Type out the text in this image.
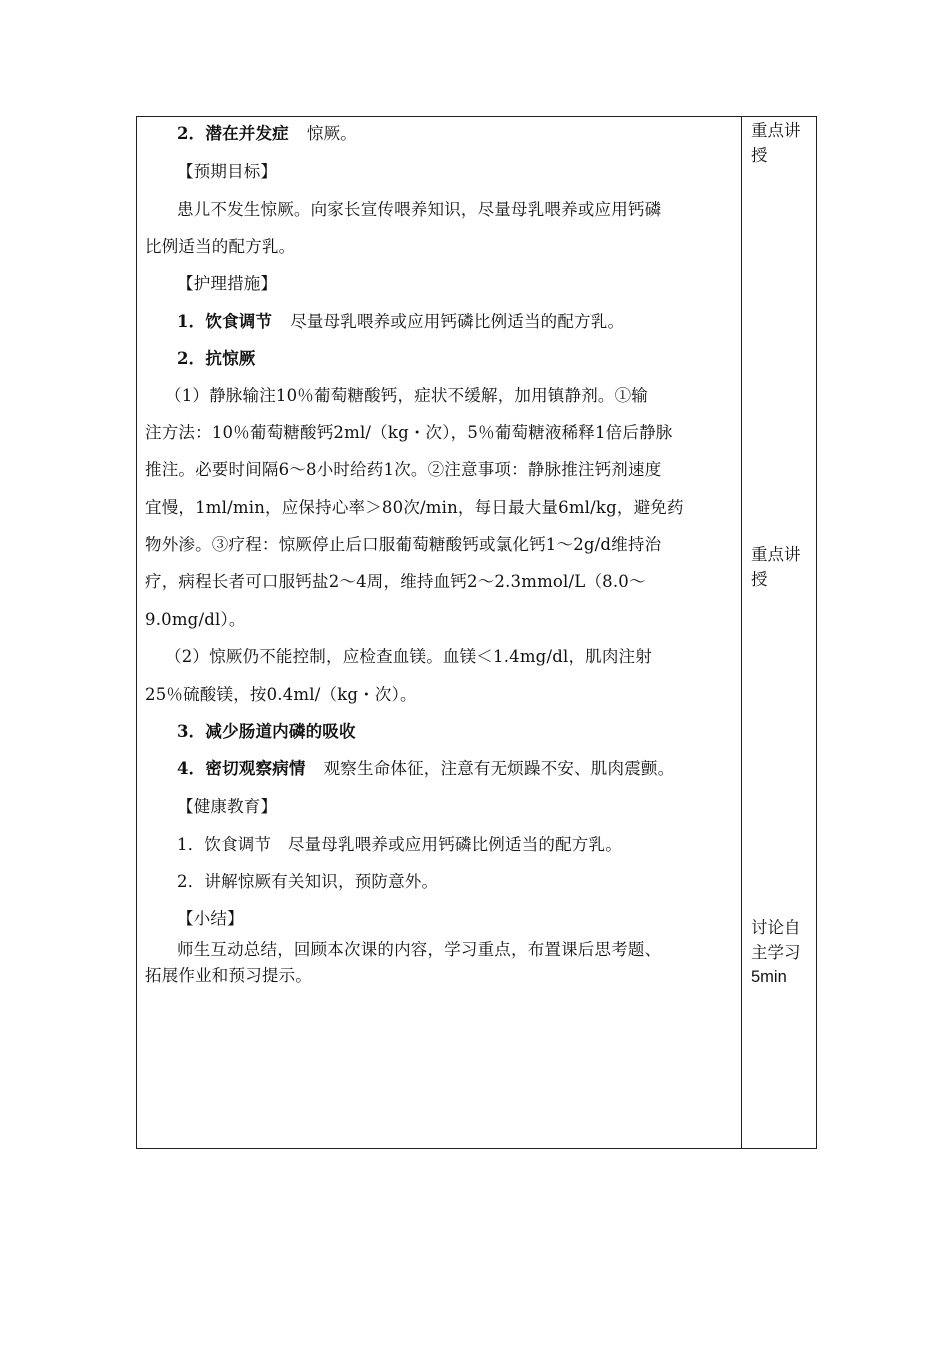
2．潜在并发症 惊厥。
【预期目标】
患儿不发生惊厥。向家长宣传喂养知识，尽量母乳喂养或应用钙磷
比例适当的配方乳。
【护理措施】
1．饮食调节 尽量母乳喂养或应用钙磷比例适当的配方乳。
2．抗惊厥
（1）静脉输注10％葡萄糖酸钙，症状不缓解，加用镇静剂。①输
注方法：10％葡萄糖酸钙2ml/（kg・次），5％葡萄糖液稀释1倍后静脉
推注。必要时间隔6～8小时给药1次。②注意事项：静脉推注钙剂速度
宜慢，1ml/min，应保持心率＞80次/min，每日最大量6ml/kg，避免药
物外渗。③疗程：惊厥停止后口服葡萄糖酸钙或氯化钙1～2g/d维持治
疗，病程长者可口服钙盐2～4周，维持血钙2～2.3mmol/L（8.0～
9.0mg/dl）。
（2）惊厥仍不能控制，应检查血镁。血镁＜1.4mg/dl，肌肉注射
25％硫酸镁，按0.4ml/（kg・次）。
3．减少肠道内磷的吸收
4．密切观察病情 观察生命体征，注意有无烦躁不安、肌肉震颤。
【健康教育】
1．饮食调节　尽量母乳喂养或应用钙磷比例适当的配方乳。
2．讲解惊厥有关知识，预防意外。
【小结】
师生互动总结，回顾本次课的内容，学习重点，布置课后思考题、
拓展作业和预习提示。
重点讲授
重点讲授
讨论自主学习
5min
